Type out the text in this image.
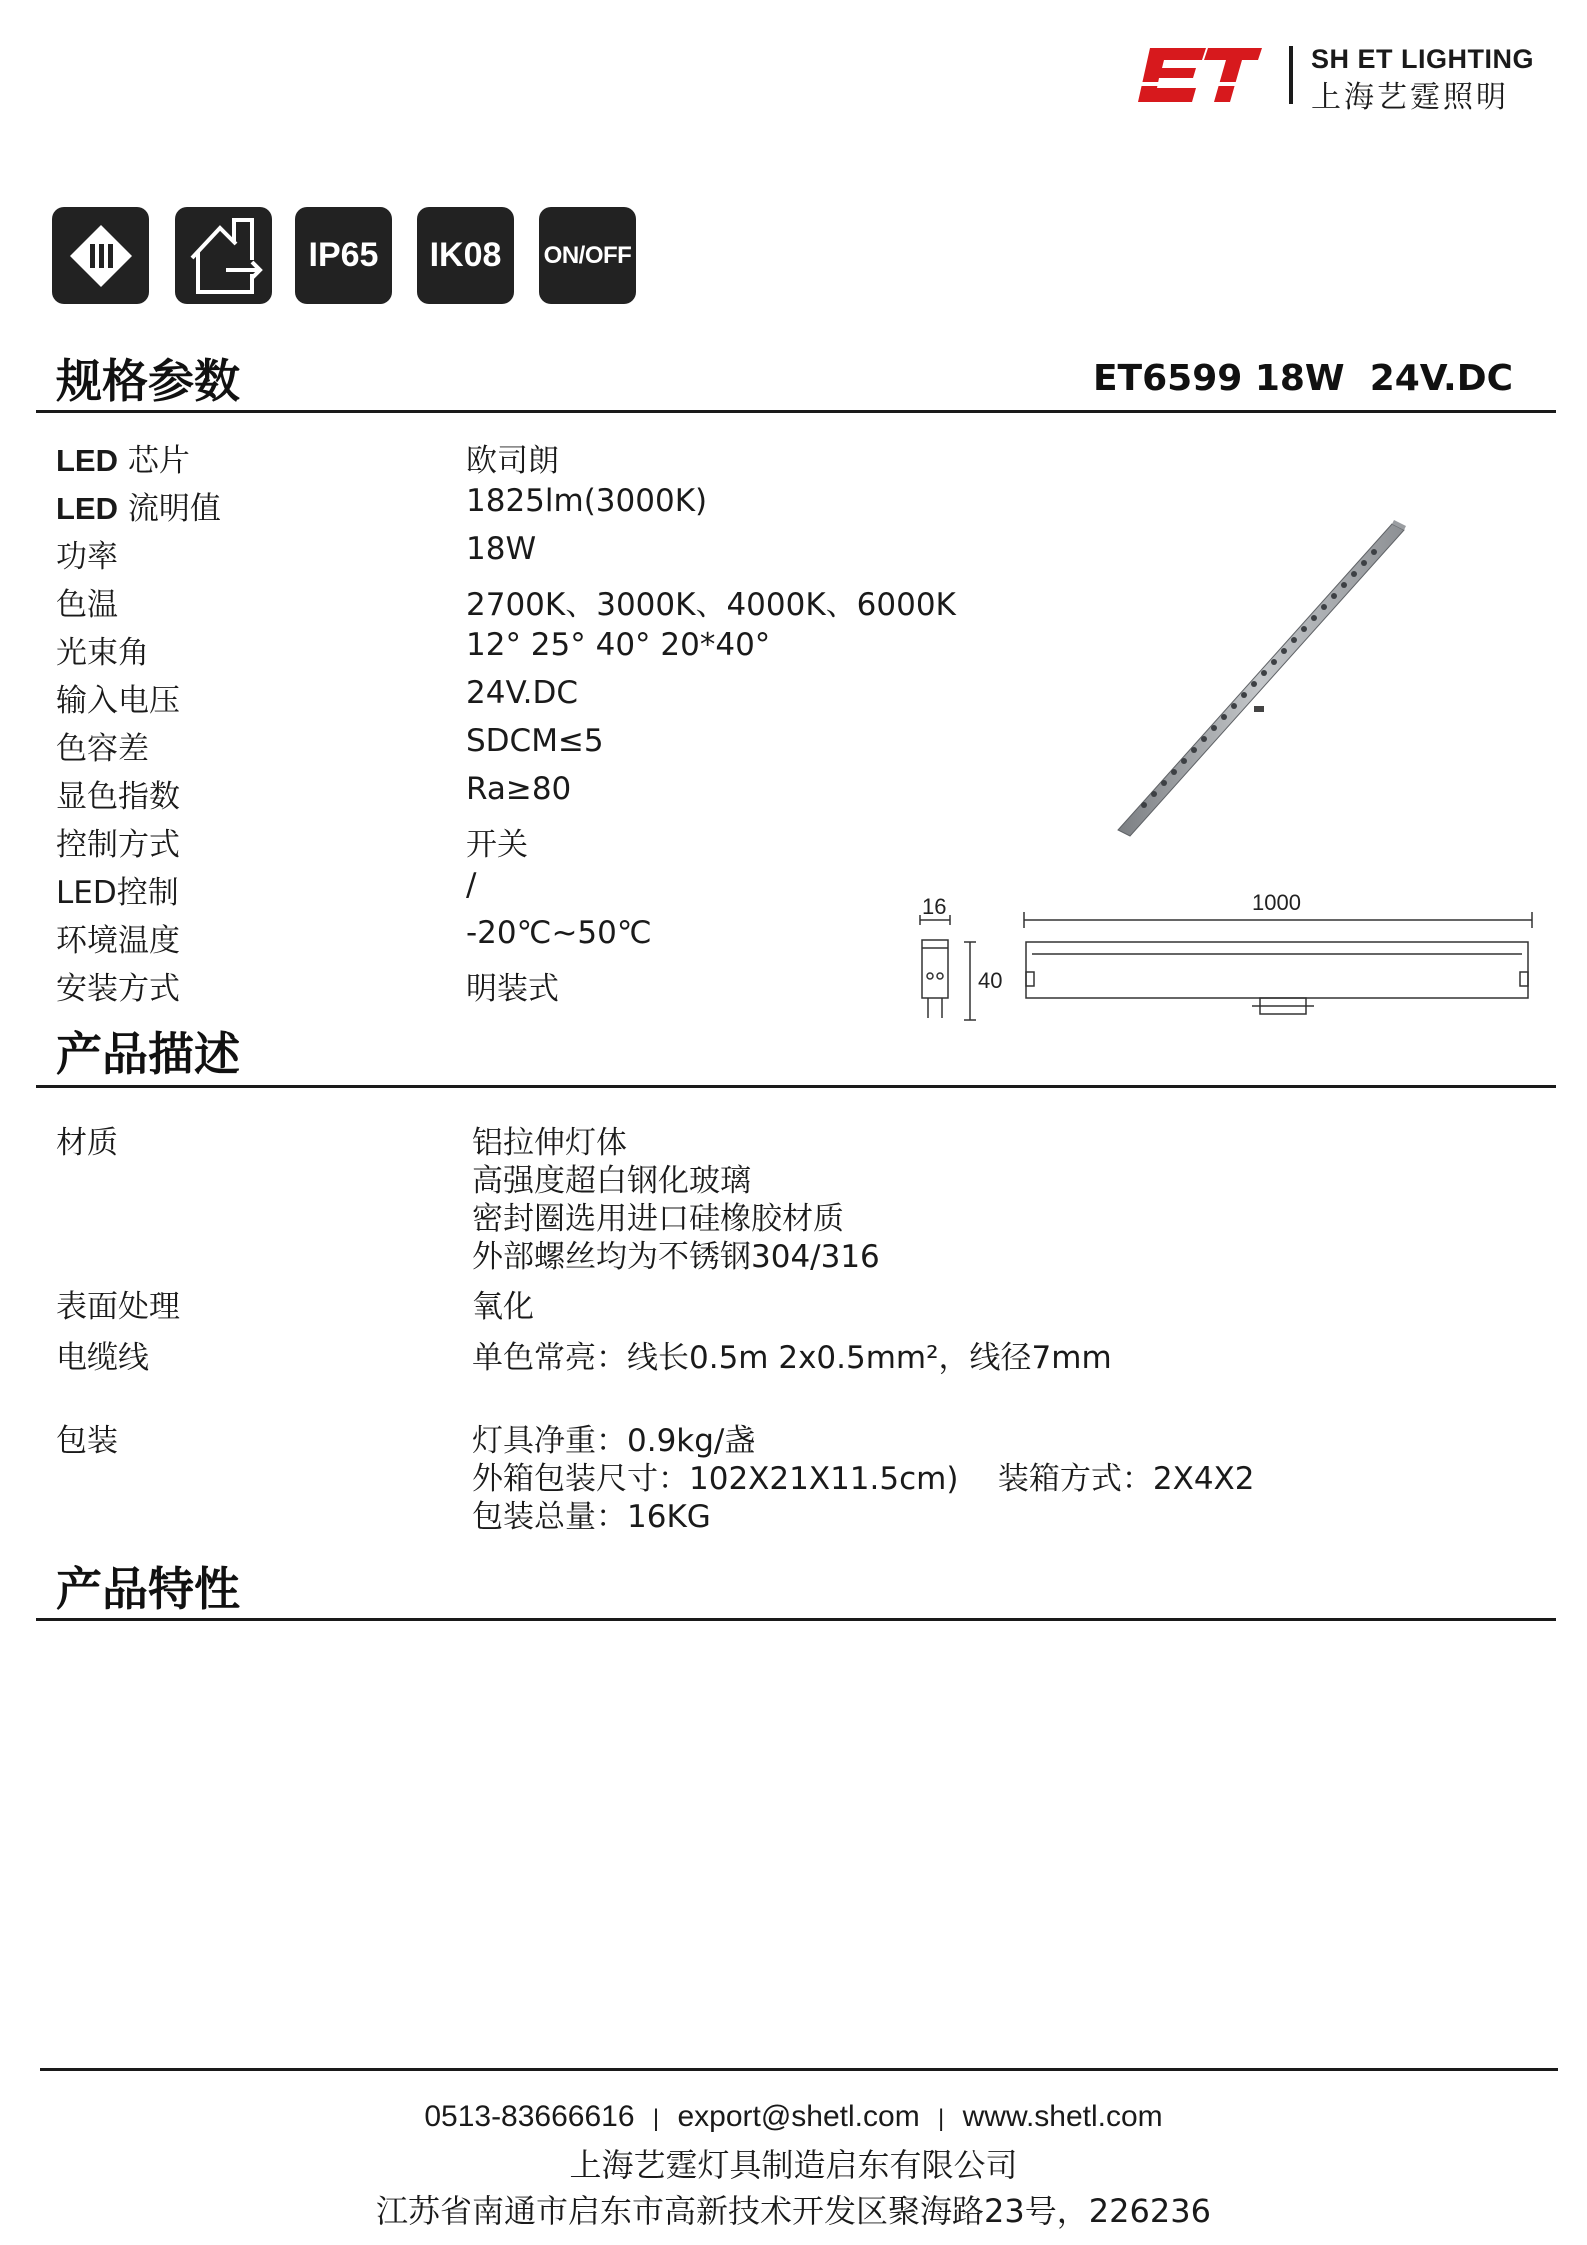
SH ET LIGHTING
上海艺霆照明
IP65 IK08 ON/OFF
规格参数	ET6599 18W  24V.DC
LED 芯片	欧司朗
LED 流明值	1825lm(3000K)
功率	18W
色温	2700K、3000K、4000K、6000K
光束角	12° 25° 40° 20*40°
输入电压	24V.DC
色容差	SDCM≤5
显色指数	Ra≥80
控制方式	开关
LED控制	/
环境温度	-20℃~50℃
安装方式	明装式
16
40
1000
产品描述
材质	铝拉伸灯体
高强度超白钢化玻璃
密封圈选用进口硅橡胶材质
外部螺丝均为不锈钢304/316
表面处理	氧化
电缆线	单色常亮：线长0.5m 2x0.5mm²，线径7mm
包装	灯具净重：0.9kg/盏
外箱包装尺寸：102X21X11.5cm)    装箱方式：2X4X2
包装总量：16KG
产品特性
0513-83666616 | export@shetl.com | www.shetl.com
上海艺霆灯具制造启东有限公司
江苏省南通市启东市高新技术开发区聚海路23号，226236
